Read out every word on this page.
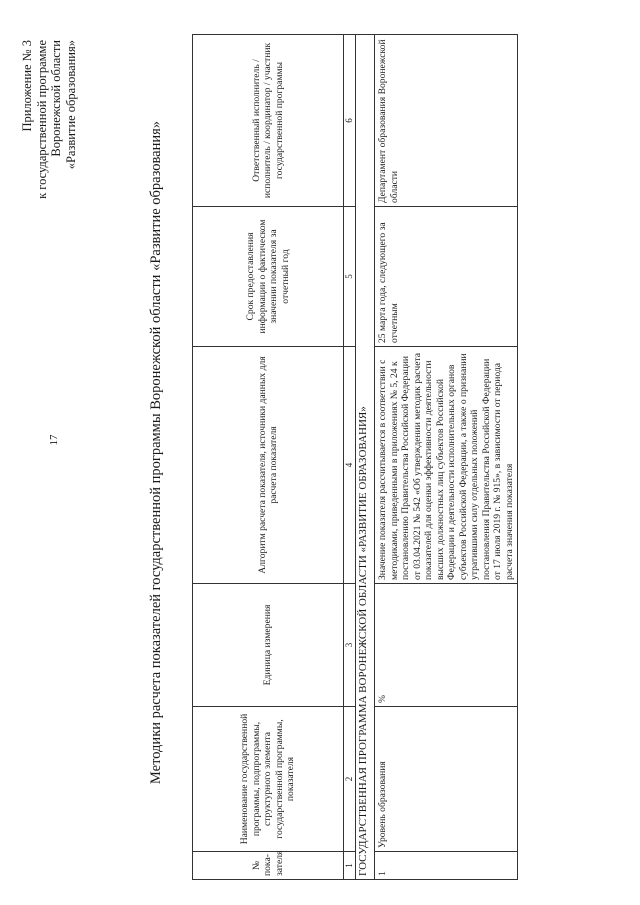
17
Приложение № 3 к государственной программе Воронежской области «Развитие образования»
Методики расчета показателей государственной программы Воронежской области «Развитие образования»
№ пока-зателя	Наименование государственной программы, подпрограммы, структурного элемента государственной программы, показателя	Единица измерения	Алгоритм расчета показателя, источники данных для расчета показателя	Срок предоставления информации о фактическом значении показателя за отчетный год	Ответственный исполнитель / исполнитель / координатор / участник государственной программы
1	2	3	4	5	6
ГОСУДАРСТВЕННАЯ ПРОГРАММА ВОРОНЕЖСКОЙ ОБЛАСТИ «РАЗВИТИЕ ОБРАЗОВАНИЯ»					
1	Уровень образования	%	Значение показателя рассчитывается в соответствии с методиками, приведенными в приложениях № 5, 24 к постановлению Правительства Российской Федерации от 03.04.2021 № 542 «Об утверждении методик расчета показателей для оценки эффективности деятельности высших должностных лиц субъектов Российской Федерации и деятельности исполнительных органов субъектов Российской Федерации, а также о признании утратившими силу отдельных положений постановления Правительства Российской Федерации от 17 июля 2019 г. № 915», в зависимости от периода расчета значения показателя	25 марта года, следующего за отчетным	Департамент образования Воронежской области
